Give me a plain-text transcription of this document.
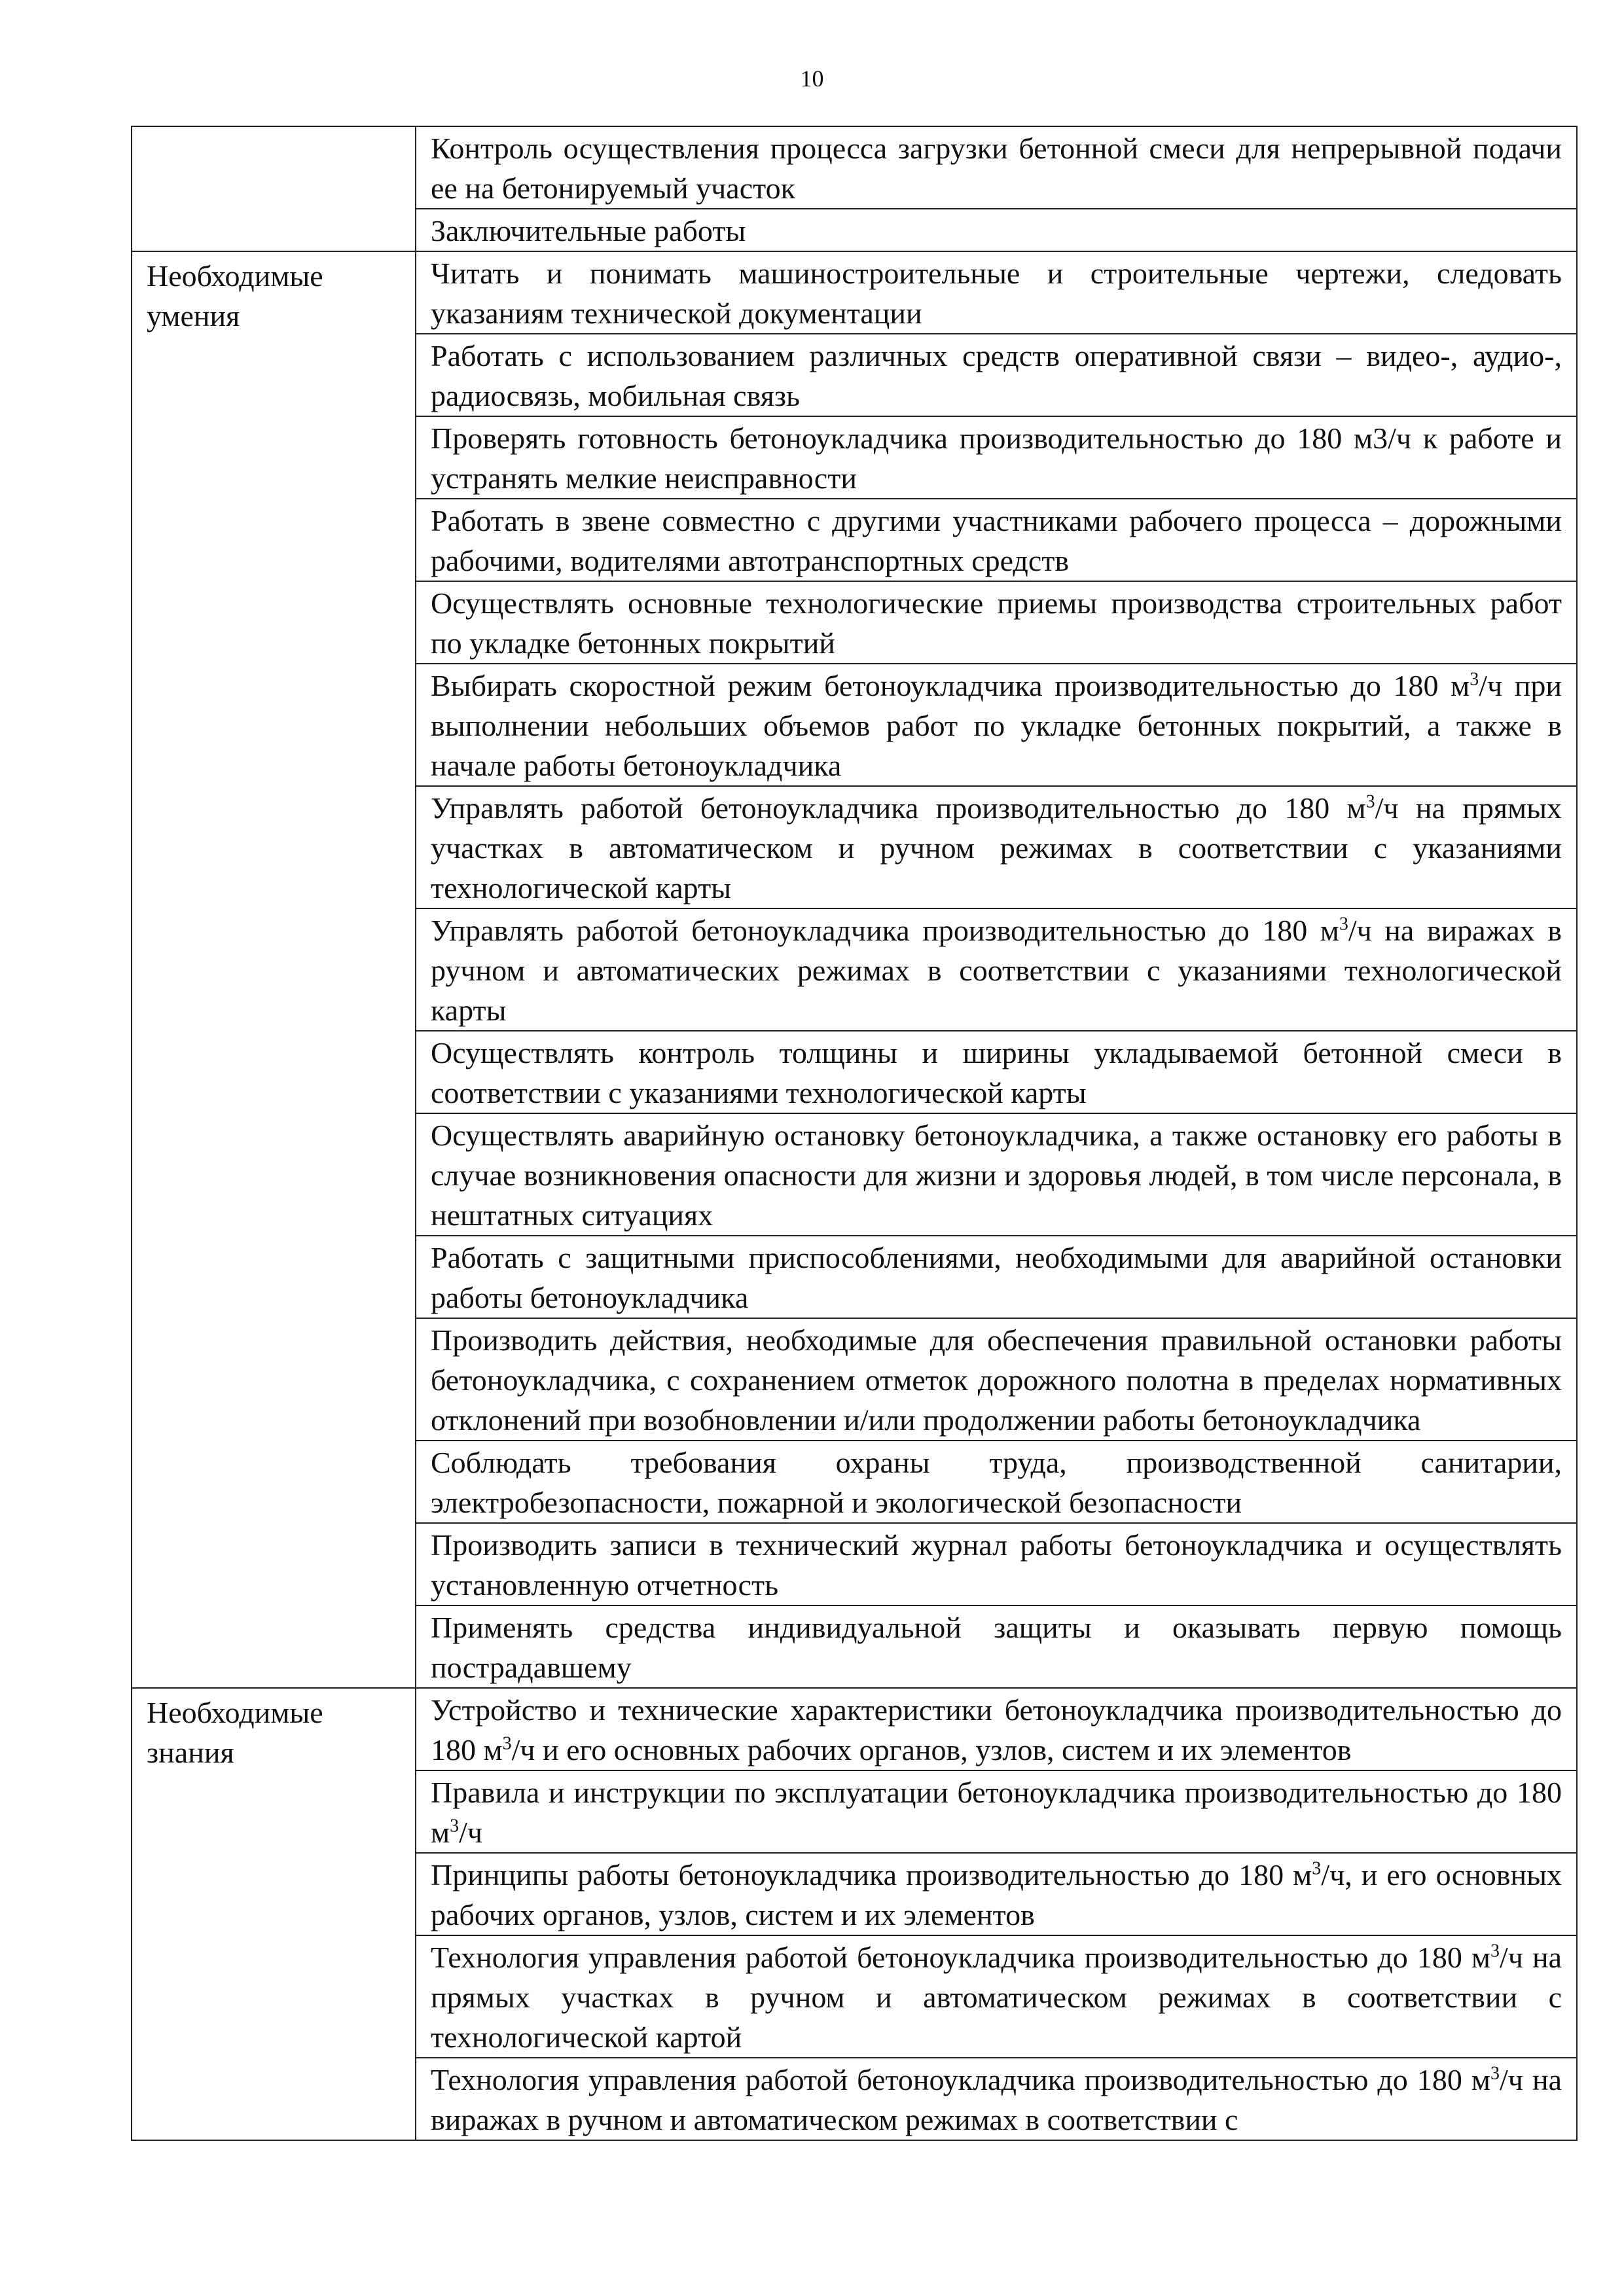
10
	Контроль осуществления процесса загрузки бетонной смеси для непрерывной подачи ее на бетонируемый участок
	Заключительные работы

Необходимые
умения	Читать и понимать машиностроительные и строительные чертежи, следовать указаниям технической документации
	Работать с использованием различных средств оперативной связи – видео-, аудио-, радиосвязь, мобильная связь
	Проверять готовность бетоноукладчика производительностью до 180 м3/ч к работе и устранять мелкие неисправности
	Работать в звене совместно с другими участниками рабочего процесса – дорожными рабочими, водителями автотранспортных средств
	Осуществлять основные технологические приемы производства строительных работ по укладке бетонных покрытий
	Выбирать скоростной режим бетоноукладчика производительностью до 180 $м^3/ч$ при выполнении небольших объемов работ по укладке бетонных покрытий, а также в начале работы бетоноукладчика
	Управлять работой бетоноукладчика производительностью до 180 $м^3/ч$ на прямых участках в автоматическом и ручном режимах в соответствии с указаниями технологической карты
	Управлять работой бетоноукладчика производительностью до 180 $м^3/ч$ на виражах в ручном и автоматических режимах в соответствии с указаниями технологической карты
	Осуществлять контроль толщины и ширины укладываемой бетонной смеси в соответствии с указаниями технологической карты
	Осуществлять аварийную остановку бетоноукладчика, а также остановку его работы в случае возникновения опасности для жизни и здоровья людей, в том числе персонала, в нештатных ситуациях
	Работать с защитными приспособлениями, необходимыми для аварийной остановки работы бетоноукладчика
	Производить действия, необходимые для обеспечения правильной остановки работы бетоноукладчика, с сохранением отметок дорожного полотна в пределах нормативных отклонений при возобновлении и/или продолжении работы бетоноукладчика
	Соблюдать требования охраны труда, производственной санитарии, электробезопасности, пожарной и экологической безопасности
	Производить записи в технический журнал работы бетоноукладчика и осуществлять установленную отчетность
	Применять средства индивидуальной защиты и оказывать первую помощь пострадавшему

Необходимые
знания	Устройство и технические характеристики бетоноукладчика производительностью до 180 $м^3/ч$ и его основных рабочих органов, узлов, систем и их элементов
	Правила и инструкции по эксплуатации бетоноукладчика производительностью до 180 $м^3/ч$
	Принципы работы бетоноукладчика производительностью до 180 $м^3/ч$, и его основных рабочих органов, узлов, систем и их элементов
	Технология управления работой бетоноукладчика производительностью до 180 $м^3/ч$ на прямых участках в ручном и автоматическом режимах в соответствии с технологической картой
	Технология управления работой бетоноукладчика производительностью до 180 $м^3/ч$ на виражах в ручном и автоматическом режимах в соответствии с
